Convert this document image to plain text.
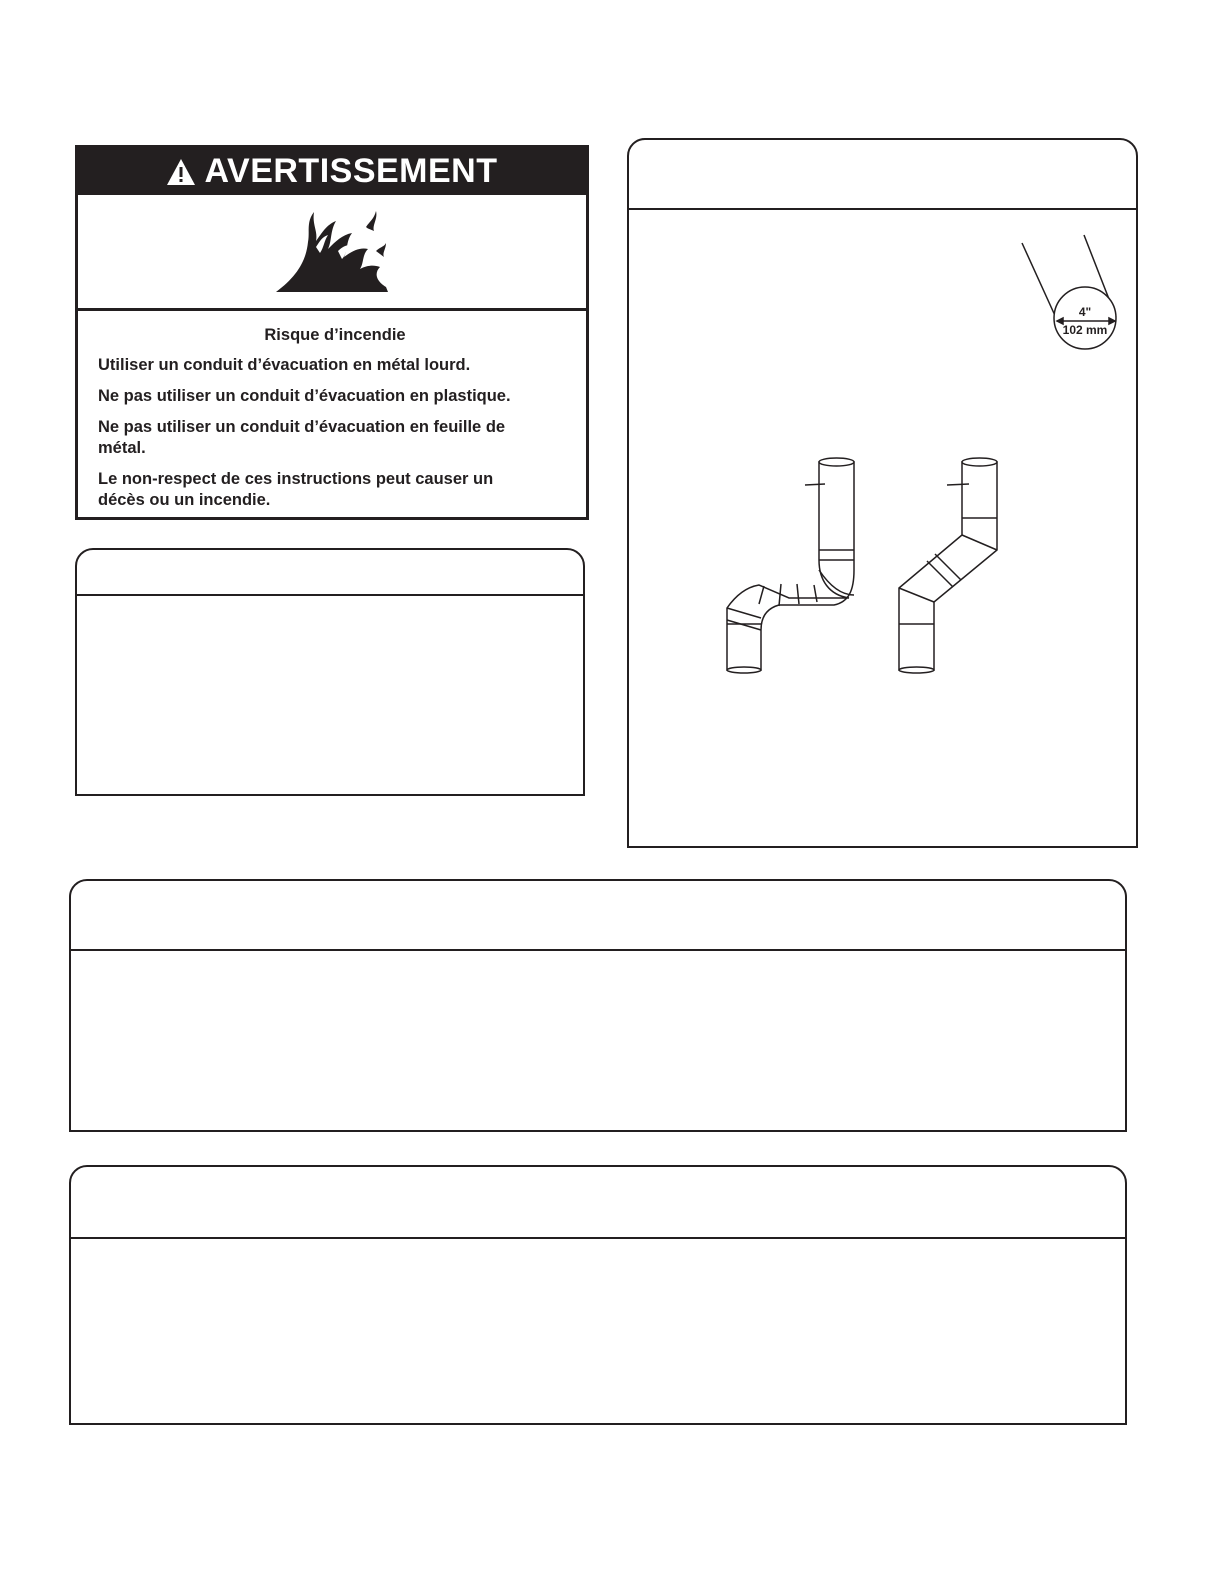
AVERTISSEMENT
Risque d’incendie
Utiliser un conduit d’évacuation en métal lourd.
Ne pas utiliser un conduit d’évacuation en plastique.
Ne pas utiliser un conduit d’évacuation en feuille de métal.
Le non-respect de ces instructions peut causer un décès ou un incendie.
4"
102 mm
